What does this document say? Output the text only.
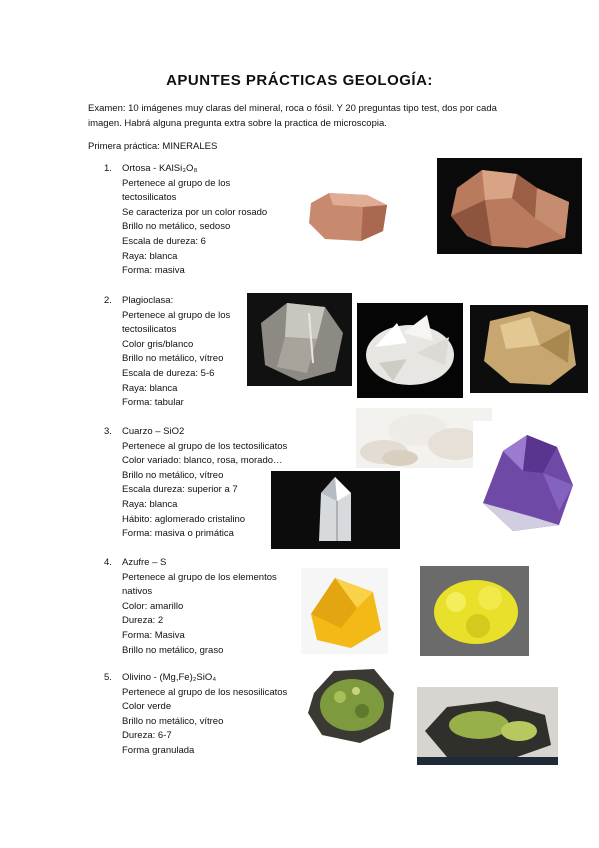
APUNTES PRÁCTICAS GEOLOGÍA:
Examen: 10 imágenes muy claras del mineral, roca o fósil. Y 20 preguntas tipo test, dos por cada imagen. Habrá alguna pregunta extra sobre la practica de microscopia.
Primera práctica: MINERALES
1.	Ortosa - KAlSi₃O₈
Pertenece al grupo de los
tectosilicatos
Se caracteriza por un color rosado
Brillo no metálico, sedoso
Escala de dureza: 6
Raya: blanca
Forma: masiva
2.	Plagioclasa:
Pertenece al grupo de los
tectosilicatos
Color gris/blanco
Brillo no metálico, vítreo
Escala de dureza: 5-6
Raya: blanca
Forma: tabular
3.	Cuarzo – SiO2
Pertenece al grupo de los tectosilicatos
Color variado: blanco, rosa, morado…
Brillo no metálico, vítreo
Escala dureza: superior a 7
Raya: blanca
Hábito: aglomerado cristalino
Forma: masiva o primática
4.	Azufre – S
Pertenece al grupo de los elementos
nativos
Color: amarillo
Dureza: 2
Forma: Masiva
Brillo no metálico, graso
5.	Olivino - (Mg,Fe)₂SiO₄
Pertenece al grupo de los nesosilicatos
Color verde
Brillo no metálico, vítreo
Dureza: 6-7
Forma granulada
